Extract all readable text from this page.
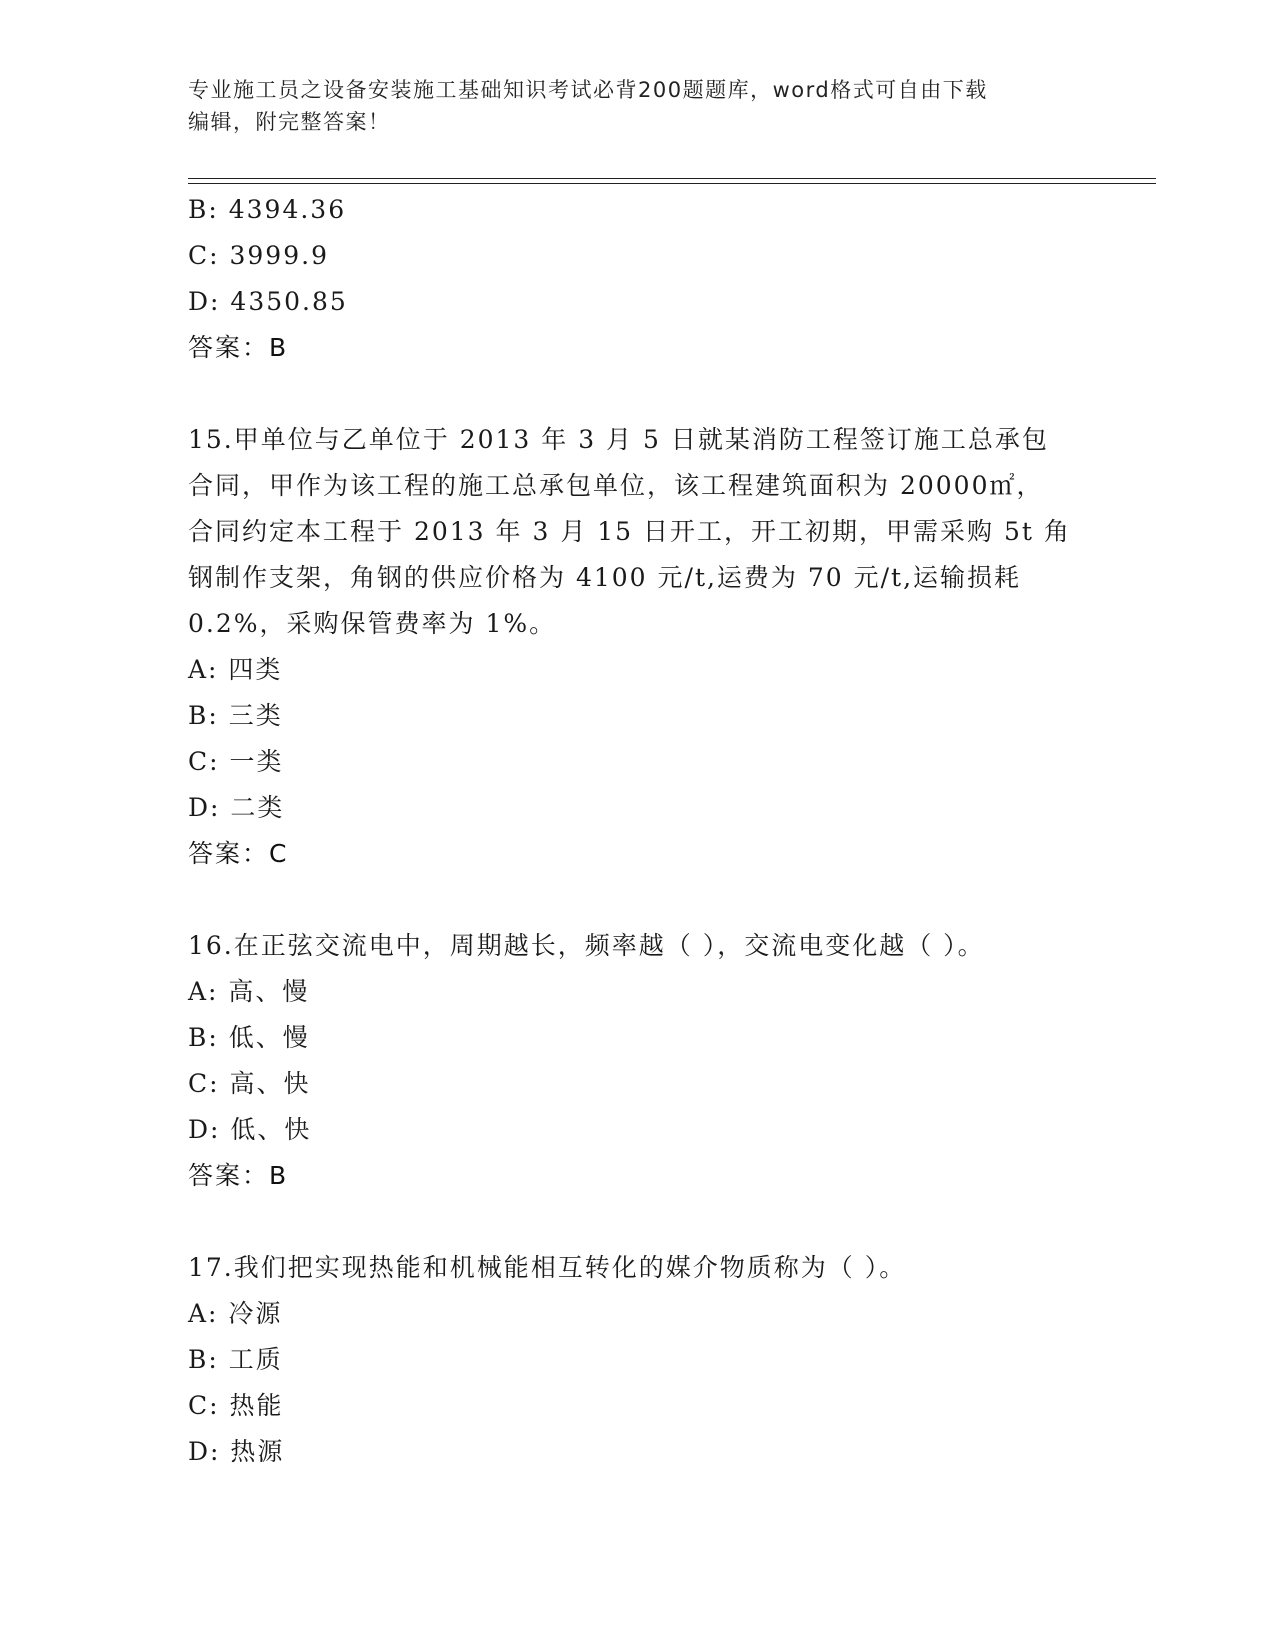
专业施工员之设备安装施工基础知识考试必背200题题库，word格式可自由下载
编辑，附完整答案！
B: 4394.36
C: 3999.9
D: 4350.85
答案：B
15.甲单位与乙单位于 2013 年 3 月 5 日就某消防工程签订施工总承包
合同，甲作为该工程的施工总承包单位，该工程建筑面积为 20000㎡，
合同约定本工程于 2013 年 3 月 15 日开工，开工初期，甲需采购 5t 角
钢制作支架，角钢的供应价格为 4100 元/t,运费为 70 元/t,运输损耗
0.2%，采购保管费率为 1%。
A: 四类
B: 三类
C: 一类
D: 二类
答案：C
16.在正弦交流电中，周期越长，频率越（ ），交流电变化越（ ）。
A: 高、慢
B: 低、慢
C: 高、快
D: 低、快
答案：B
17.我们把实现热能和机械能相互转化的媒介物质称为（ ）。
A: 冷源
B: 工质
C: 热能
D: 热源
